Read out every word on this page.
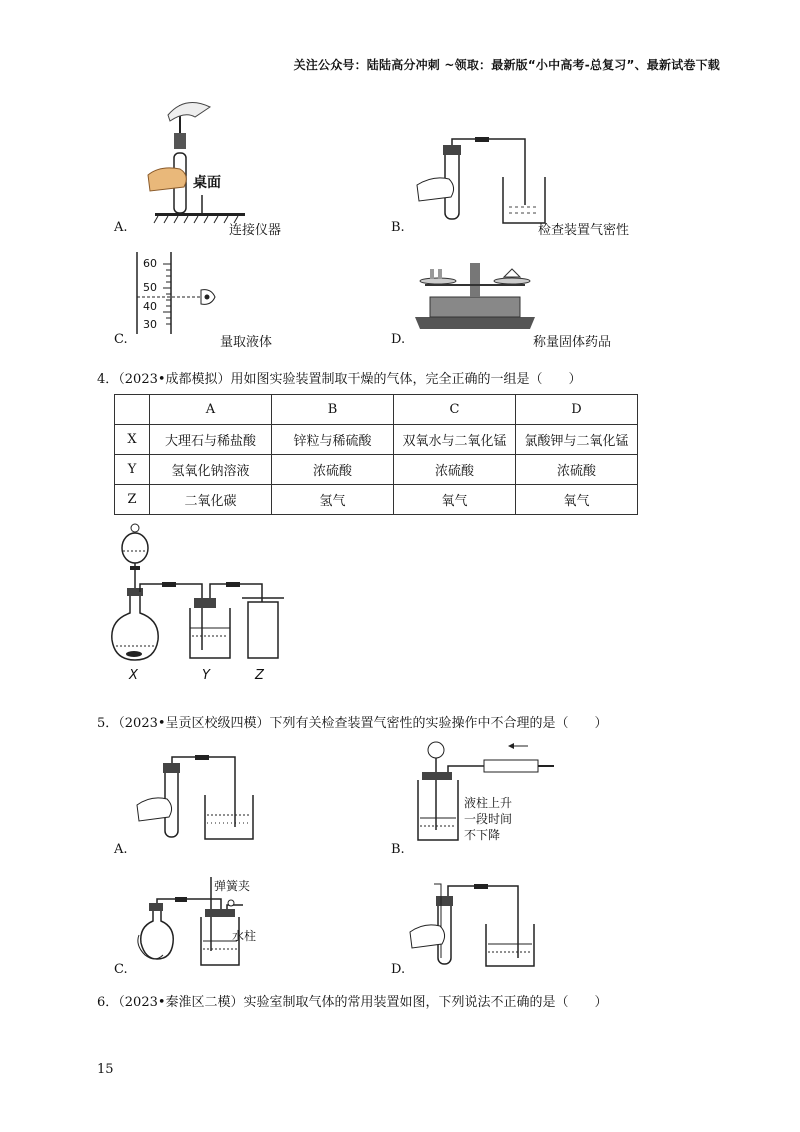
关注公众号：陆陆高分冲刺 ~领取：最新版“小中高考-总复习”、最新试卷下载
桌面
A.	连接仪器	B.	检查装置气密性
60
50
40
30
C.	量取液体	D.	称量固体药品
4．（2023•成都模拟）用如图实验装置制取干燥的气体，完全正确的一组是（　　）
	A	B	C	D
X	大理石与稀盐酸	锌粒与稀硫酸	双氧水与二氧化锰	氯酸钾与二氧化锰
Y	氢氧化钠溶液	浓硫酸	浓硫酸	浓硫酸
Z	二氧化碳	氢气	氧气	氧气
X	Y	Z
5．（2023•呈贡区校级四模）下列有关检查装置气密性的实验操作中不合理的是（　　）
A.
液柱上升
一段时间
不下降
B.
弹簧夹
水柱
C.	D.
6．（2023•秦淮区二模）实验室制取气体的常用装置如图，下列说法不正确的是（　　）
15
